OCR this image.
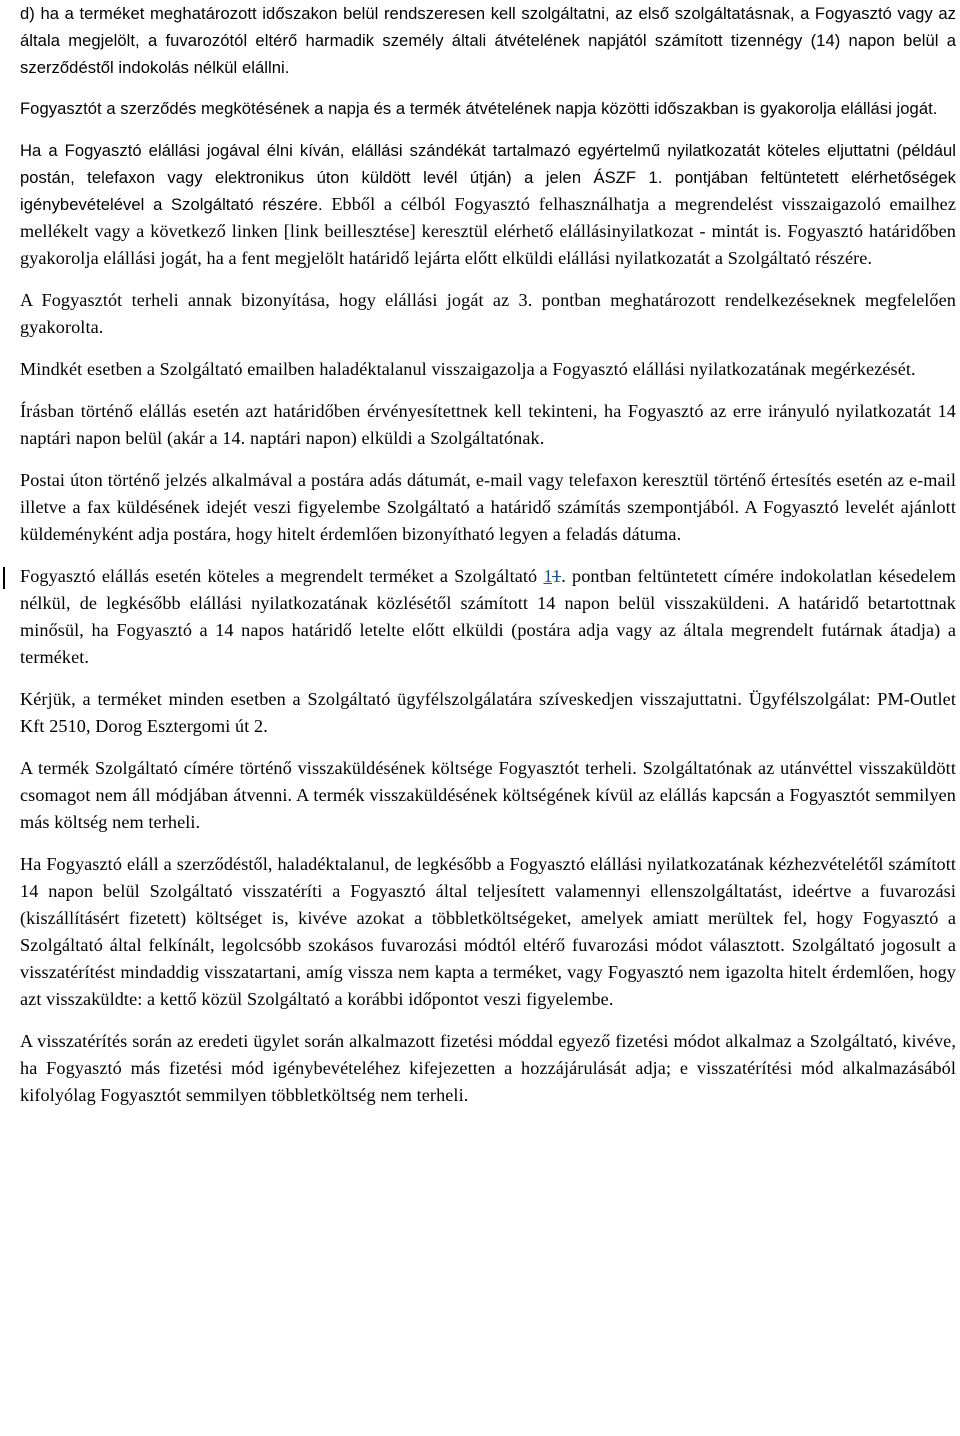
d) ha a terméket meghatározott időszakon belül rendszeresen kell szolgáltatni, az első szolgáltatásnak, a Fogyasztó vagy az általa megjelölt, a fuvarozótól eltérő harmadik személy általi átvételének napjától számított tizennégy (14) napon belül a szerződéstől indokolás nélkül elállni.

Fogyasztót a szerződés megkötésének a napja és a termék átvételének napja közötti időszakban is gyakorolja elállási jogát.

Ha a Fogyasztó elállási jogával élni kíván, elállási szándékát tartalmazó egyértelmű nyilatkozatát köteles eljuttatni (például postán, telefaxon vagy elektronikus úton küldött levél útján) a jelen ÁSZF 1. pontjában feltüntetett elérhetőségek igénybevételével a Szolgáltató részére. Ebből a célból Fogyasztó felhasználhatja a megrendelést visszaigazoló emailhez mellékelt vagy a következő linken [link beillesztése] keresztül elérhető elállásinyilatkozat - mintát is. Fogyasztó határidőben gyakorolja elállási jogát, ha a fent megjelölt határidő lejárta előtt elküldi elállási nyilatkozatát a Szolgáltató részére.

A Fogyasztót terheli annak bizonyítása, hogy elállási jogát az 3. pontban meghatározott rendelkezéseknek megfelelően gyakorolta.

Mindkét esetben a Szolgáltató emailben haladéktalanul visszaigazolja a Fogyasztó elállási nyilatkozatának megérkezését.

Írásban történő elállás esetén azt határidőben érvényesítettnek kell tekinteni, ha Fogyasztó az erre irányuló nyilatkozatát 14 naptári napon belül (akár a 14. naptári napon) elküldi a Szolgáltatónak.

Postai úton történő jelzés alkalmával a postára adás dátumát, e-mail vagy telefaxon keresztül történő értesítés esetén az e-mail illetve a fax küldésének idejét veszi figyelembe Szolgáltató a határidő számítás szempontjából. A Fogyasztó levelét ajánlott küldeményként adja postára, hogy hitelt érdemlően bizonyítható legyen a feladás dátuma.

Fogyasztó elállás esetén köteles a megrendelt terméket a Szolgáltató 11. pontban feltüntetett címére indokolatlan késedelem nélkül, de legkésőbb elállási nyilatkozatának közlésétől számított 14 napon belül visszaküldeni. A határidő betartottnak minősül, ha Fogyasztó a 14 napos határidő letelte előtt elküldi (postára adja vagy az általa megrendelt futárnak átadja) a terméket.

Kérjük, a terméket minden esetben a Szolgáltató ügyfélszolgálatára szíveskedjen visszajuttatni. Ügyfélszolgálat: PM-Outlet Kft 2510, Dorog Esztergomi út 2.

A termék Szolgáltató címére történő visszaküldésének költsége Fogyasztót terheli. Szolgáltatónak az utánvéttel visszaküldött csomagot nem áll módjában átvenni. A termék visszaküldésének költségének kívül az elállás kapcsán a Fogyasztót semmilyen más költség nem terheli.

Ha Fogyasztó eláll a szerződéstől, haladéktalanul, de legkésőbb a Fogyasztó elállási nyilatkozatának kézhezvételétől számított 14 napon belül Szolgáltató visszatéríti a Fogyasztó által teljesített valamennyi ellenszolgáltatást, ideértve a fuvarozási (kiszállításért fizetett) költséget is, kivéve azokat a többletköltségeket, amelyek amiatt merültek fel, hogy Fogyasztó a Szolgáltató által felkínált, legolcsóbb szokásos fuvarozási módtól eltérő fuvarozási módot választott. Szolgáltató jogosult a visszatérítést mindaddig visszatartani, amíg vissza nem kapta a terméket, vagy Fogyasztó nem igazolta hitelt érdemlően, hogy azt visszaküldte: a kettő közül Szolgáltató a korábbi időpontot veszi figyelembe.

A visszatérítés során az eredeti ügylet során alkalmazott fizetési móddal egyező fizetési módot alkalmaz a Szolgáltató, kivéve, ha Fogyasztó más fizetési mód igénybevételéhez kifejezetten a hozzájárulását adja; e visszatérítési mód alkalmazásából kifolyólag Fogyasztót semmilyen többletköltség nem terheli.
